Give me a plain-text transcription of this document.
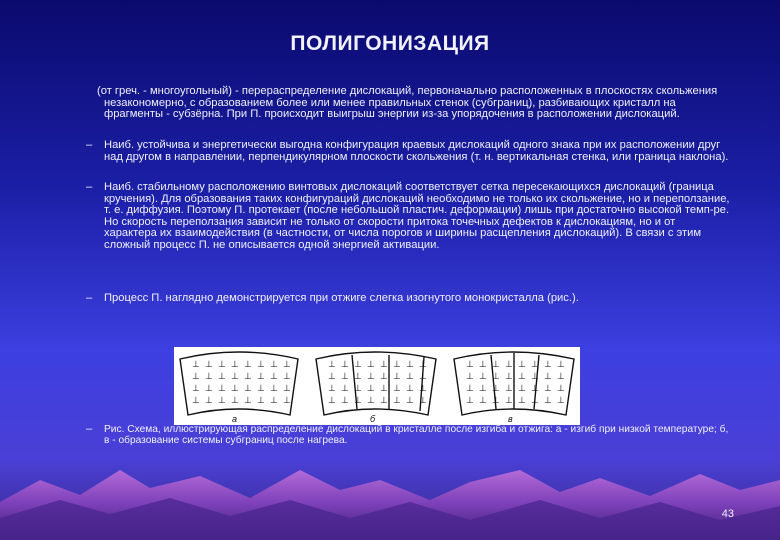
ПОЛИГОНИЗАЦИЯ
(от греч. - многоугольный) - перераспределение дислокаций, первоначально расположенных в плоскостях скольжения незакономерно, с образованием более или менее правильных стенок (субграниц), разбивающих кристалл на фрагменты - субзёрна. При П. происходит выигрыш энергии из-за упорядочения в расположении дислокаций.
– Наиб. устойчива и энергетически выгодна конфигурация краевых дислокаций одного знака при их расположении друг над другом в направлении, перпендикулярном плоскости скольжения (т. н. вертикальная стенка, или граница наклона).
– Наиб. стабильному расположению винтовых дислокаций соответствует сетка пересекающихся дислокаций (граница кручения). Для образования таких конфигураций дислокаций необходимо не только их скольжение, но и переползание, т. е. диффузия. Поэтому П. протекает (после небольшой пластич. деформации) лишь при достаточно высокой темп-ре. Но скорость переползания зависит не только от скорости притока точечных дефектов к дислокациям, но и от характера их взаимодействия (в частности, от числа порогов и ширины расщепления дислокаций). В связи с этим сложный процесс П. не описывается одной энергией активации.
– Процесс П. наглядно демонстрируется при отжиге слегка изогнутого монокристалла (рис.).
⊥ ⊥ ⊥ ⊥ ⊥ ⊥ ⊥ ⊥
⊥ ⊥ ⊥ ⊥ ⊥ ⊥ ⊥ ⊥
⊥ ⊥ ⊥ ⊥ ⊥ ⊥ ⊥ ⊥
⊥ ⊥ ⊥ ⊥ ⊥ ⊥ ⊥ ⊥
⊥ ⊥ ⊥ ⊥ ⊥ ⊥ ⊥ ⊥
⊥ ⊥ ⊥ ⊥ ⊥ ⊥ ⊥ ⊥
⊥ ⊥ ⊥ ⊥ ⊥ ⊥ ⊥ ⊥
⊥ ⊥ ⊥ ⊥ ⊥ ⊥ ⊥ ⊥
⊥ ⊥ ⊥ ⊥ ⊥ ⊥ ⊥ ⊥
⊥ ⊥ ⊥ ⊥ ⊥ ⊥ ⊥ ⊥
⊥ ⊥ ⊥ ⊥ ⊥ ⊥ ⊥ ⊥
⊥ ⊥ ⊥ ⊥ ⊥ ⊥ ⊥ ⊥
а	б	в
– Рис. Схема, иллюстрирующая распределение дислокаций в кристалле после изгиба и отжига: а - изгиб при низкой температуре; б, в - образование системы субграниц после нагрева.
43
